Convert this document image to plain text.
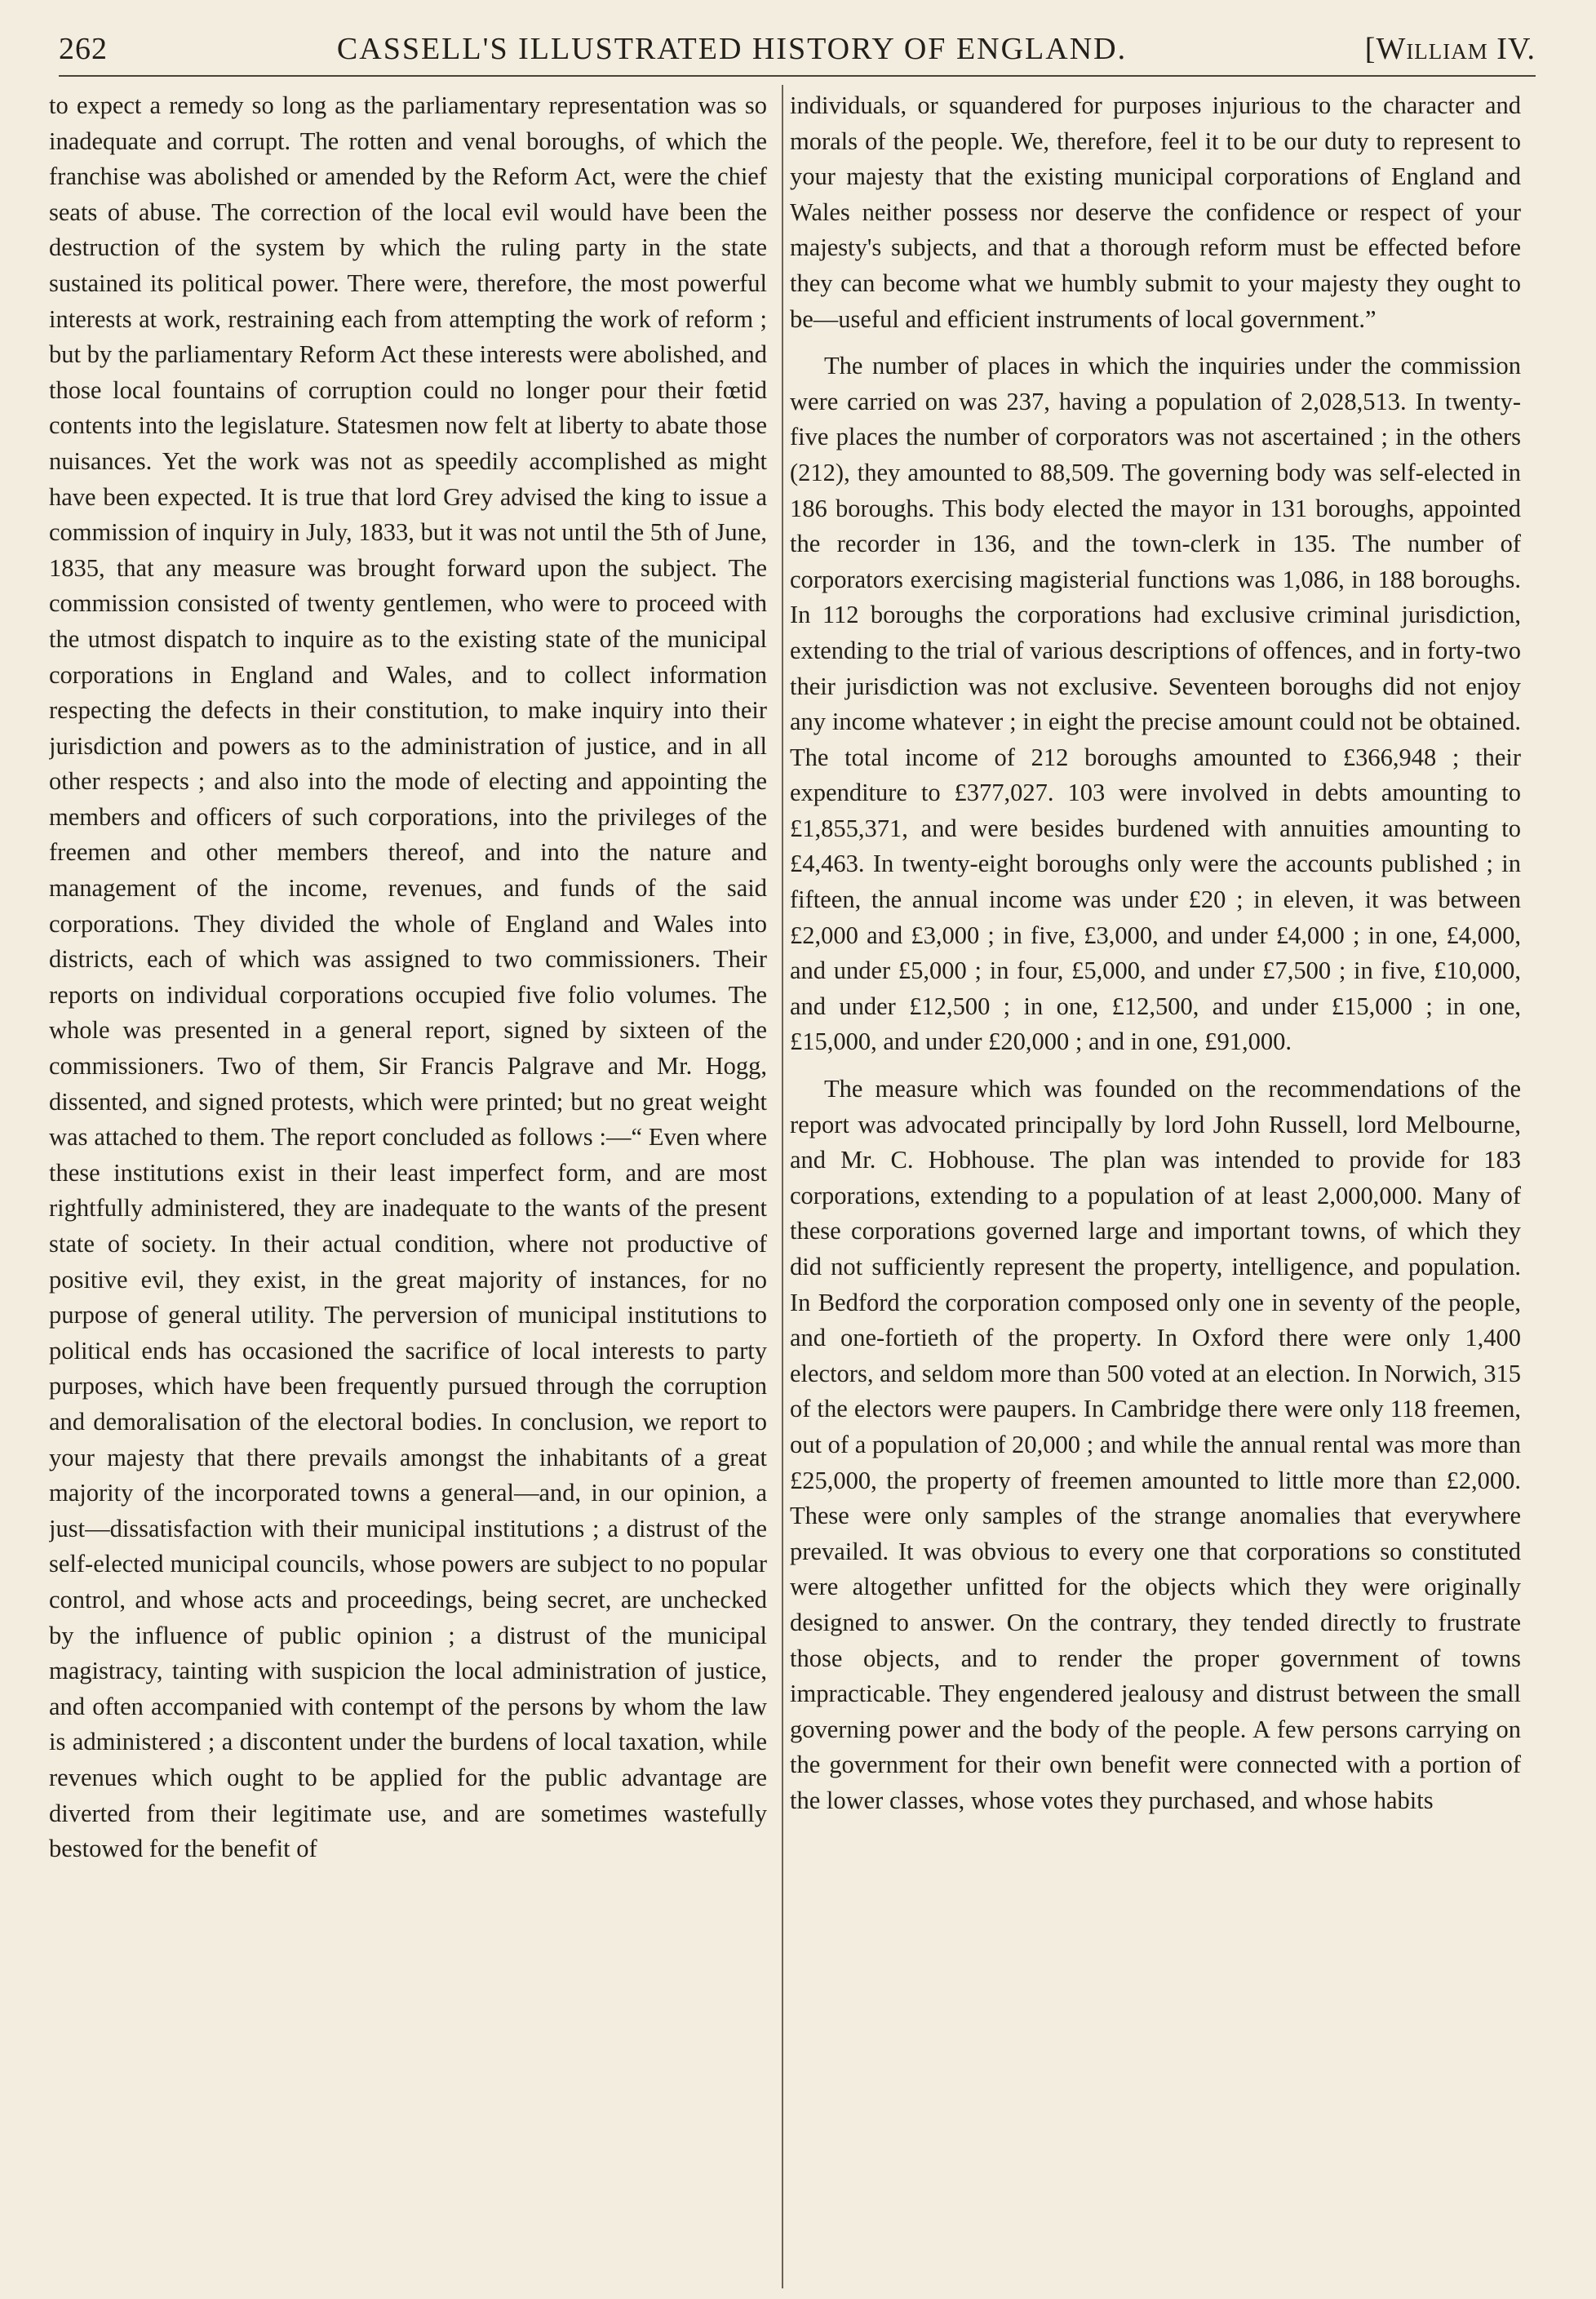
262	CASSELL'S ILLUSTRATED HISTORY OF ENGLAND.	[William IV.

to expect a remedy so long as the parliamentary representation was so inadequate and corrupt. The rotten and venal boroughs, of which the franchise was abolished or amended by the Reform Act, were the chief seats of abuse. The correction of the local evil would have been the destruction of the system by which the ruling party in the state sustained its political power. There were, therefore, the most powerful interests at work, restraining each from attempting the work of reform ; but by the parliamentary Reform Act these interests were abolished, and those local fountains of corruption could no longer pour their fœtid contents into the legislature. Statesmen now felt at liberty to abate those nuisances. Yet the work was not as speedily accomplished as might have been expected. It is true that lord Grey advised the king to issue a commission of inquiry in July, 1833, but it was not until the 5th of June, 1835, that any measure was brought forward upon the subject. The commission consisted of twenty gentlemen, who were to proceed with the utmost dispatch to inquire as to the existing state of the municipal corporations in England and Wales, and to collect information respecting the defects in their constitution, to make inquiry into their jurisdiction and powers as to the administration of justice, and in all other respects ; and also into the mode of electing and appointing the members and officers of such corporations, into the privileges of the freemen and other members thereof, and into the nature and management of the income, revenues, and funds of the said corporations. They divided the whole of England and Wales into districts, each of which was assigned to two commissioners. Their reports on individual corporations occupied five folio volumes. The whole was presented in a general report, signed by sixteen of the commissioners. Two of them, Sir Francis Palgrave and Mr. Hogg, dissented, and signed protests, which were printed; but no great weight was attached to them. The report concluded as follows :—“ Even where these institutions exist in their least imperfect form, and are most rightfully administered, they are inadequate to the wants of the present state of society. In their actual condition, where not productive of positive evil, they exist, in the great majority of instances, for no purpose of general utility. The perversion of municipal institutions to political ends has occasioned the sacrifice of local interests to party purposes, which have been frequently pursued through the corruption and demoralisation of the electoral bodies. In conclusion, we report to your majesty that there prevails amongst the inhabitants of a great majority of the incorporated towns a general—and, in our opinion, a just—dissatisfaction with their municipal institutions ; a distrust of the self-elected municipal councils, whose powers are subject to no popular control, and whose acts and proceedings, being secret, are unchecked by the influence of public opinion ; a distrust of the municipal magistracy, tainting with suspicion the local administration of justice, and often accompanied with contempt of the persons by whom the law is administered ; a discontent under the burdens of local taxation, while revenues which ought to be applied for the public advantage are diverted from their legitimate use, and are sometimes wastefully bestowed for the benefit of

individuals, or squandered for purposes injurious to the character and morals of the people. We, therefore, feel it to be our duty to represent to your majesty that the existing municipal corporations of England and Wales neither possess nor deserve the confidence or respect of your majesty's subjects, and that a thorough reform must be effected before they can become what we humbly submit to your majesty they ought to be—useful and efficient instruments of local government.”

The number of places in which the inquiries under the commission were carried on was 237, having a population of 2,028,513. In twenty-five places the number of corporators was not ascertained ; in the others (212), they amounted to 88,509. The governing body was self-elected in 186 boroughs. This body elected the mayor in 131 boroughs, appointed the recorder in 136, and the town-clerk in 135. The number of corporators exercising magisterial functions was 1,086, in 188 boroughs. In 112 boroughs the corporations had exclusive criminal jurisdiction, extending to the trial of various descriptions of offences, and in forty-two their jurisdiction was not exclusive. Seventeen boroughs did not enjoy any income whatever ; in eight the precise amount could not be obtained. The total income of 212 boroughs amounted to £366,948 ; their expenditure to £377,027. 103 were involved in debts amounting to £1,855,371, and were besides burdened with annuities amounting to £4,463. In twenty-eight boroughs only were the accounts published ; in fifteen, the annual income was under £20 ; in eleven, it was between £2,000 and £3,000 ; in five, £3,000, and under £4,000 ; in one, £4,000, and under £5,000 ; in four, £5,000, and under £7,500 ; in five, £10,000, and under £12,500 ; in one, £12,500, and under £15,000 ; in one, £15,000, and under £20,000 ; and in one, £91,000.

The measure which was founded on the recommendations of the report was advocated principally by lord John Russell, lord Melbourne, and Mr. C. Hobhouse. The plan was intended to provide for 183 corporations, extending to a population of at least 2,000,000. Many of these corporations governed large and important towns, of which they did not sufficiently represent the property, intelligence, and population. In Bedford the corporation composed only one in seventy of the people, and one-fortieth of the property. In Oxford there were only 1,400 electors, and seldom more than 500 voted at an election. In Norwich, 315 of the electors were paupers. In Cambridge there were only 118 freemen, out of a population of 20,000 ; and while the annual rental was more than £25,000, the property of freemen amounted to little more than £2,000. These were only samples of the strange anomalies that everywhere prevailed. It was obvious to every one that corporations so constituted were altogether unfitted for the objects which they were originally designed to answer. On the contrary, they tended directly to frustrate those objects, and to render the proper government of towns impracticable. They engendered jealousy and distrust between the small governing power and the body of the people. A few persons carrying on the government for their own benefit were connected with a portion of the lower classes, whose votes they purchased, and whose habits
